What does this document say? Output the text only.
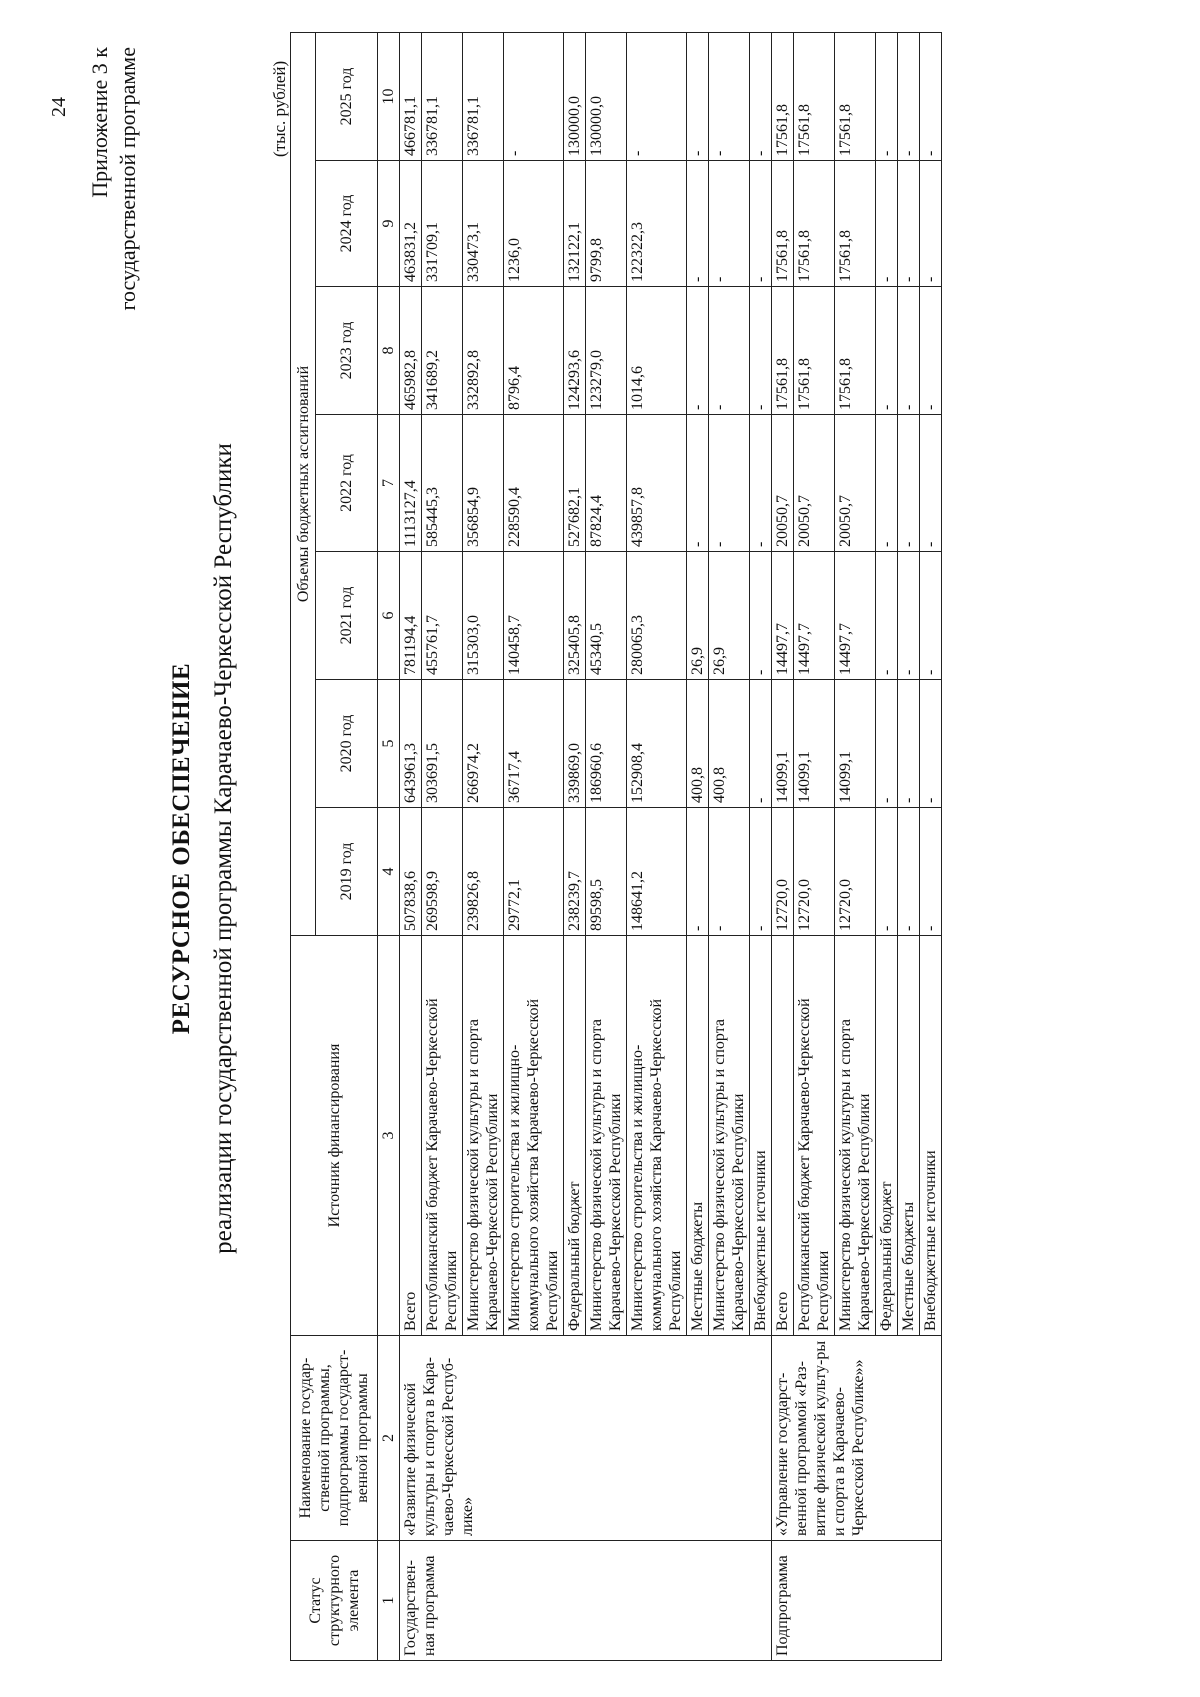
24 Приложение 3 к государственной программе
РЕСУРСНОЕ ОБЕСПЕЧЕНИЕ реализации государственной программы Карачаево-Черкесской Республики
(тыс. рублей)
Статус структурного элемента	Наименование государ-ственной программы, подпрограммы государст-венной программы	Источник финансирования	Объемы бюджетных ассигнований						
			2019 год	2020 год	2021 год	2022 год	2023 год	2024 год	2025 год
1	2	3	4	5	6	7	8	9	10
Государствен-ная программа	«Развитие физической культуры и спорта в Кара-чаево-Черкесской Респуб-лике»	Всего	507838,6	643961,3	781194,4	1113127,4	465982,8	463831,2	466781,1
		Республиканский бюджет Карачаево-Черкесской Республики	269598,9	303691,5	455761,7	585445,3	341689,2	331709,1	336781,1
		Министерство физической культуры и спорта Карачаево-Черкесской Республики	239826,8	266974,2	315303,0	356854,9	332892,8	330473,1	336781,1
		Министерство строительства и жилищно-коммунального хозяйства Карачаево-Черкесской Республики	29772,1	36717,4	140458,7	228590,4	8796,4	1236,0	-
		Федеральный бюджет	238239,7	339869,0	325405,8	527682,1	124293,6	132122,1	130000,0
		Министерство физической культуры и спорта Карачаево-Черкесской Республики	89598,5	186960,6	45340,5	87824,4	123279,0	9799,8	130000,0
		Министерство строительства и жилищно-коммунального хозяйства Карачаево-Черкесской Республики	148641,2	152908,4	280065,3	439857,8	1014,6	122322,3	-
		Местные бюджеты	-	400,8	26,9	-	-	-	-
		Министерство физической культуры и спорта Карачаево-Черкесской Республики	-	400,8	26,9	-	-	-	-
		Внебюджетные источники	-	-	-	-	-	-	-
Подпрограмма	«Управление государст-венной программой «Раз-витие физической культу-ры и спорта в Карачаево-Черкесской Республике»»	Всего	12720,0	14099,1	14497,7	20050,7	17561,8	17561,8	17561,8
		Республиканский бюджет Карачаево-Черкесской Республики	12720,0	14099,1	14497,7	20050,7	17561,8	17561,8	17561,8
		Министерство физической культуры и спорта Карачаево-Черкесской Республики	12720,0	14099,1	14497,7	20050,7	17561,8	17561,8	17561,8
		Федеральный бюджет	-	-	-	-	-	-	-
		Местные бюджеты	-	-	-	-	-	-	-
		Внебюджетные источники	-	-	-	-	-	-	-
